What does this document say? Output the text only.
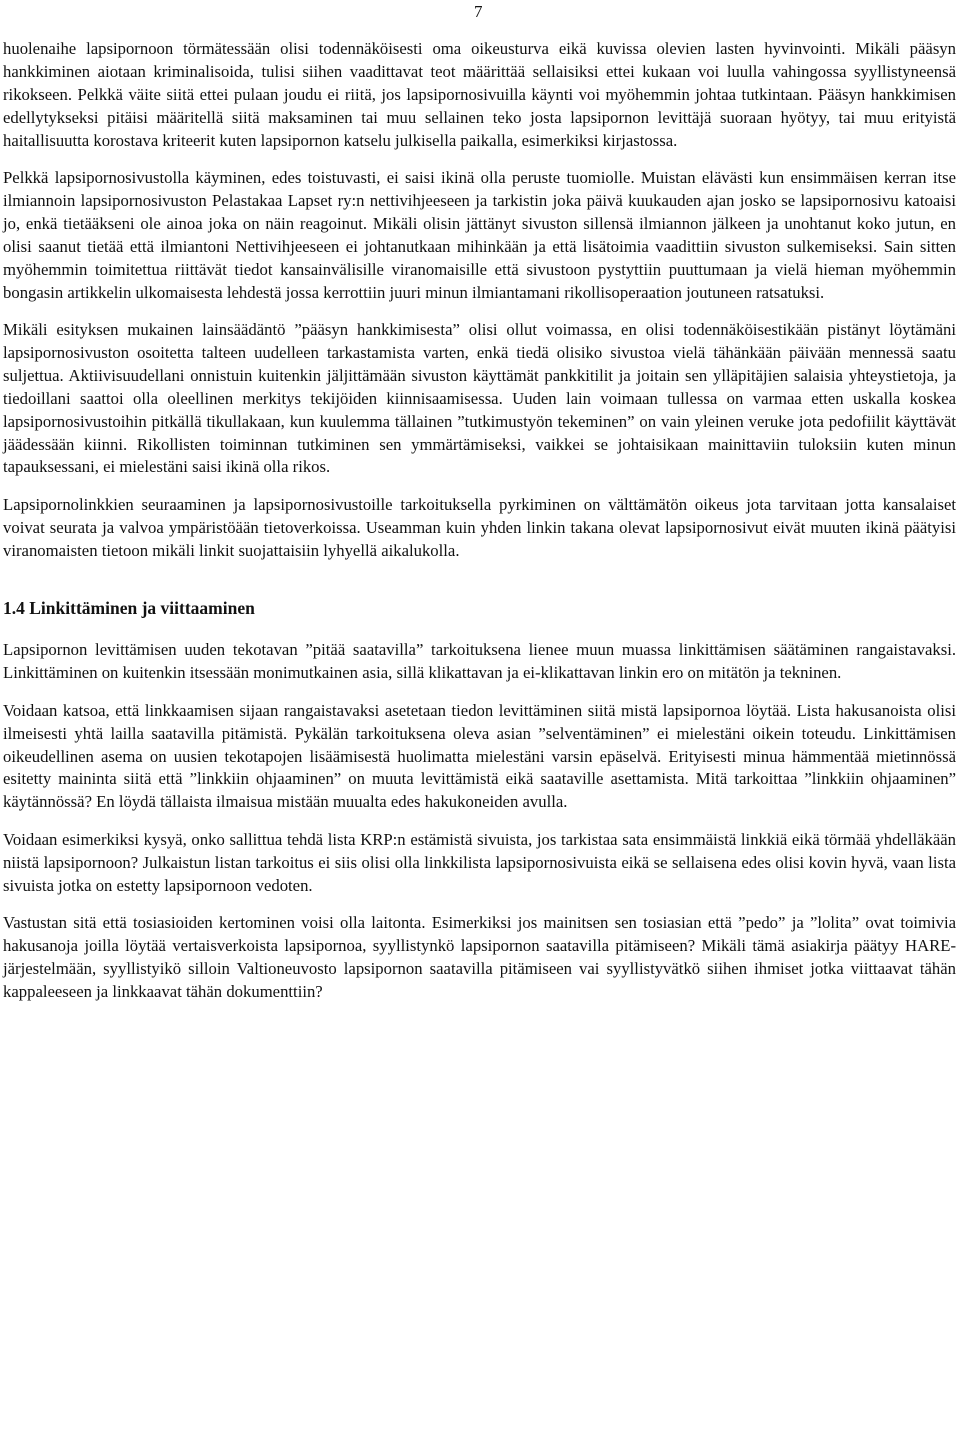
7

huolenaihe lapsipornoon törmätessään olisi todennäköisesti oma oikeusturva eikä kuvissa olevien lasten hyvinvointi. Mikäli pääsyn hankkiminen aiotaan kriminalisoida, tulisi siihen vaadittavat teot määrittää sellaisiksi ettei kukaan voi luulla vahingossa syyllistyneensä rikokseen. Pelkkä väite siitä ettei pulaan joudu ei riitä, jos lapsipornosivuilla käynti voi myöhemmin johtaa tutkintaan. Pääsyn hankkimisen edellytykseksi pitäisi määritellä siitä maksaminen tai muu sellainen teko josta lapsipornon levittäjä suoraan hyötyy, tai muu erityistä haitallisuutta korostava kriteerit kuten lapsipornon katselu julkisella paikalla, esimerkiksi kirjastossa.

Pelkkä lapsipornosivustolla käyminen, edes toistuvasti, ei saisi ikinä olla peruste tuomiolle. Muistan elävästi kun ensimmäisen kerran itse ilmiannoin lapsipornosivuston Pelastakaa Lapset ry:n nettivihjeeseen ja tarkistin joka päivä kuukauden ajan josko se lapsipornosivu katoaisi jo, enkä tietääkseni ole ainoa joka on näin reagoinut. Mikäli olisin jättänyt sivuston sillensä ilmiannon jälkeen ja unohtanut koko jutun, en olisi saanut tietää että ilmiantoni Nettivihjeeseen ei johtanutkaan mihinkään ja että lisätoimia vaadittiin sivuston sulkemiseksi. Sain sitten myöhemmin toimitettua riittävät tiedot kansainvälisille viranomaisille että sivustoon pystyttiin puuttumaan ja vielä hieman myöhemmin bongasin artikkelin ulkomaisesta lehdestä jossa kerrottiin juuri minun ilmiantamani rikollisoperaation joutuneen ratsatuksi.

Mikäli esityksen mukainen lainsäädäntö ”pääsyn hankkimisesta” olisi ollut voimassa, en olisi todennäköisestikään pistänyt löytämäni lapsipornosivuston osoitetta talteen uudelleen tarkastamista varten, enkä tiedä olisiko sivustoa vielä tähänkään päivään mennessä saatu suljettua. Aktiivisuudellani onnistuin kuitenkin jäljittämään sivuston käyttämät pankkitilit ja joitain sen ylläpitäjien salaisia yhteystietoja, ja tiedoillani saattoi olla oleellinen merkitys tekijöiden kiinnisaamisessa. Uuden lain voimaan tullessa on varmaa etten uskalla koskea lapsipornosivustoihin pitkällä tikullakaan, kun kuulemma tällainen ”tutkimustyön tekeminen” on vain yleinen veruke jota pedofiilit käyttävät jäädessään kiinni. Rikollisten toiminnan tutkiminen sen ymmärtämiseksi, vaikkei se johtaisikaan mainittaviin tuloksiin kuten minun tapauksessani, ei mielestäni saisi ikinä olla rikos.

Lapsipornolinkkien seuraaminen ja lapsipornosivustoille tarkoituksella pyrkiminen on välttämätön oikeus jota tarvitaan jotta kansalaiset voivat seurata ja valvoa ympäristöään tietoverkoissa. Useamman kuin yhden linkin takana olevat lapsipornosivut eivät muuten ikinä päätyisi viranomaisten tietoon mikäli linkit suojattaisiin lyhyellä aikalukolla.

1.4 Linkittäminen ja viittaaminen

Lapsipornon levittämisen uuden tekotavan ”pitää saatavilla” tarkoituksena lienee muun muassa linkittämisen säätäminen rangaistavaksi. Linkittäminen on kuitenkin itsessään monimutkainen asia, sillä klikattavan ja ei-klikattavan linkin ero on mitätön ja tekninen.

Voidaan katsoa, että linkkaamisen sijaan rangaistavaksi asetetaan tiedon levittäminen siitä mistä lapsipornoa löytää. Lista hakusanoista olisi ilmeisesti yhtä lailla saatavilla pitämistä. Pykälän tarkoituksena oleva asian ”selventäminen” ei mielestäni oikein toteudu. Linkittämisen oikeudellinen asema on uusien tekotapojen lisäämisestä huolimatta mielestäni varsin epäselvä. Erityisesti minua hämmentää mietinnössä esitetty maininta siitä että ”linkkiin ohjaaminen” on muuta levittämistä eikä saataville asettamista. Mitä tarkoittaa ”linkkiin ohjaaminen” käytännössä? En löydä tällaista ilmaisua mistään muualta edes hakukoneiden avulla.

Voidaan esimerkiksi kysyä, onko sallittua tehdä lista KRP:n estämistä sivuista, jos tarkistaa sata ensimmäistä linkkiä eikä törmää yhdelläkään niistä lapsipornoon? Julkaistun listan tarkoitus ei siis olisi olla linkkilista lapsipornosivuista eikä se sellaisena edes olisi kovin hyvä, vaan lista sivuista jotka on estetty lapsipornoon vedoten.

Vastustan sitä että tosiasioiden kertominen voisi olla laitonta. Esimerkiksi jos mainitsen sen tosiasian että ”pedo” ja ”lolita” ovat toimivia hakusanoja joilla löytää vertaisverkoista lapsipornoa, syyllistynkö lapsipornon saatavilla pitämiseen? Mikäli tämä asiakirja päätyy HARE-järjestelmään, syyllistyikö silloin Valtioneuvosto lapsipornon saatavilla pitämiseen vai syyllistyvätkö siihen ihmiset jotka viittaavat tähän kappaleeseen ja linkkaavat tähän dokumenttiin?
